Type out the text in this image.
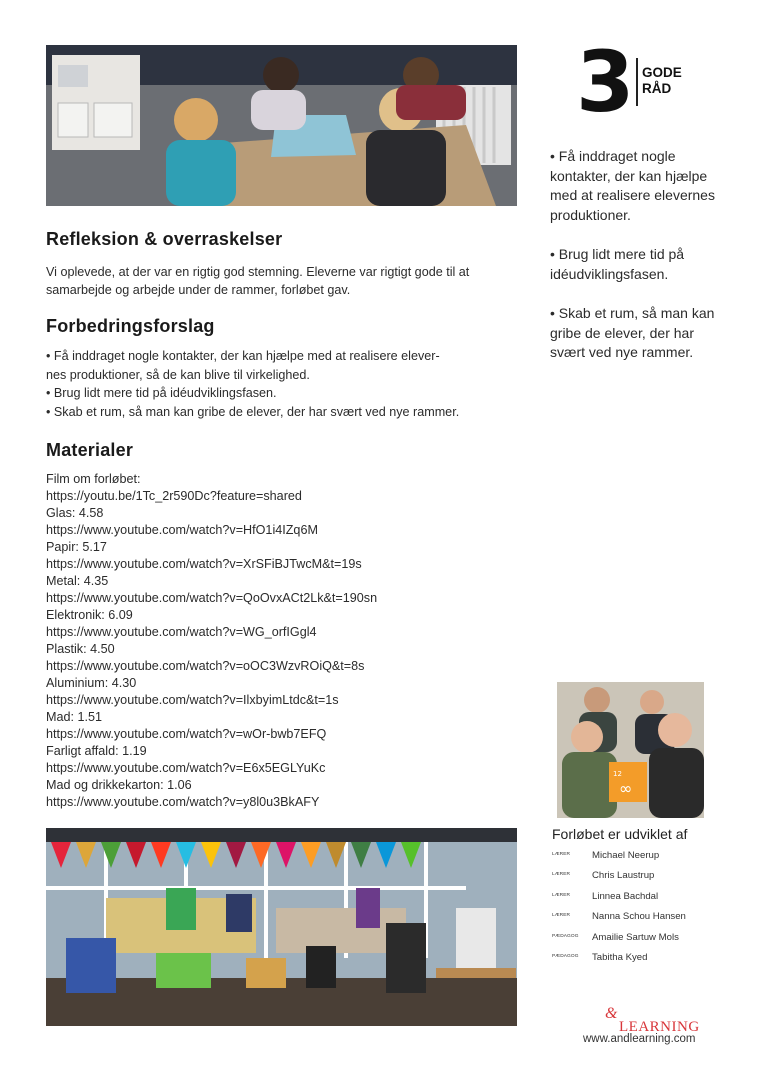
Refleksion & overraskelser

Vi oplevede, at der var en rigtig god stemning. Eleverne var rigtigt gode til at samarbejde og arbejde under de rammer, forløbet gav.

Forbedringsforslag
• Få inddraget nogle kontakter, der kan hjælpe med at realisere elever-
nes produktioner, så de kan blive til virkelighed.
• Brug lidt mere tid på idéudviklingsfasen.
• Skab et rum, så man kan gribe de elever, der har svært ved nye rammer.
Materialer
Film om forløbet:
https://youtu.be/1Tc_2r590Dc?feature=shared
Glas: 4.58
https://www.youtube.com/watch?v=HfO1i4IZq6M
Papir: 5.17
https://www.youtube.com/watch?v=XrSFiBJTwcM&t=19s
Metal: 4.35
https://www.youtube.com/watch?v=QoOvxACt2Lk&t=190sn
Elektronik: 6.09
https://www.youtube.com/watch?v=WG_orfIGgl4
Plastik: 4.50
https://www.youtube.com/watch?v=oOC3WzvROiQ&t=8s
Aluminium: 4.30
https://www.youtube.com/watch?v=IlxbyimLtdc&t=1s
Mad: 1.51
https://www.youtube.com/watch?v=wOr-bwb7EFQ
Farligt affald: 1.19
https://www.youtube.com/watch?v=E6x5EGLYuKc
Mad og drikkekarton: 1.06
https://www.youtube.com/watch?v=y8l0u3BkAFY
3 GODE
RÅD
• Få inddraget nogle kontakter, der kan hjælpe med at realisere elevernes produktioner.
• Brug lidt mere tid på idéudviklingsfasen.
• Skab et rum, så man kan gribe de elever, der har svært ved nye rammer.
12
∞
Forløbet er udviklet af
LÆRER	Michael Neerup
LÆRER	Chris Laustrup
LÆRER	Linnea Bachdal
LÆRER	Nanna Schou Hansen
PÆDAGOG	Amailie Sartuw Mols
PÆDAGOG	Tabitha Kyed
&
LEARNING
www.andlearning.com
